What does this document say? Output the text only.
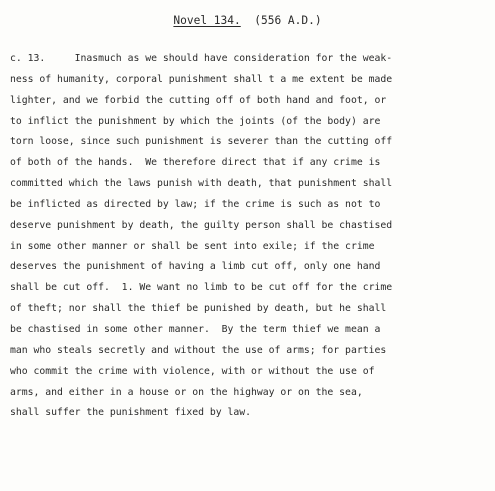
Novel 134. (556 A.D.)
c. 13.     Inasmuch as we should have consideration for the weak-
ness of humanity, corporal punishment shall t a me extent be made
lighter, and we forbid the cutting off of both hand and foot, or
to inflict the punishment by which the joints (of the body) are
torn loose, since such punishment is severer than the cutting off
of both of the hands.  We therefore direct that if any crime is
committed which the laws punish with death, that punishment shall
be inflicted as directed by law; if the crime is such as not to
deserve punishment by death, the guilty person shall be chastised
in some other manner or shall be sent into exile; if the crime
deserves the punishment of having a limb cut off, only one hand
shall be cut off.  1. We want no limb to be cut off for the crime
of theft; nor shall the thief be punished by death, but he shall
be chastised in some other manner.  By the term thief we mean a
man who steals secretly and without the use of arms; for parties
who commit the crime with violence, with or without the use of
arms, and either in a house or on the highway or on the sea,
shall suffer the punishment fixed by law.
